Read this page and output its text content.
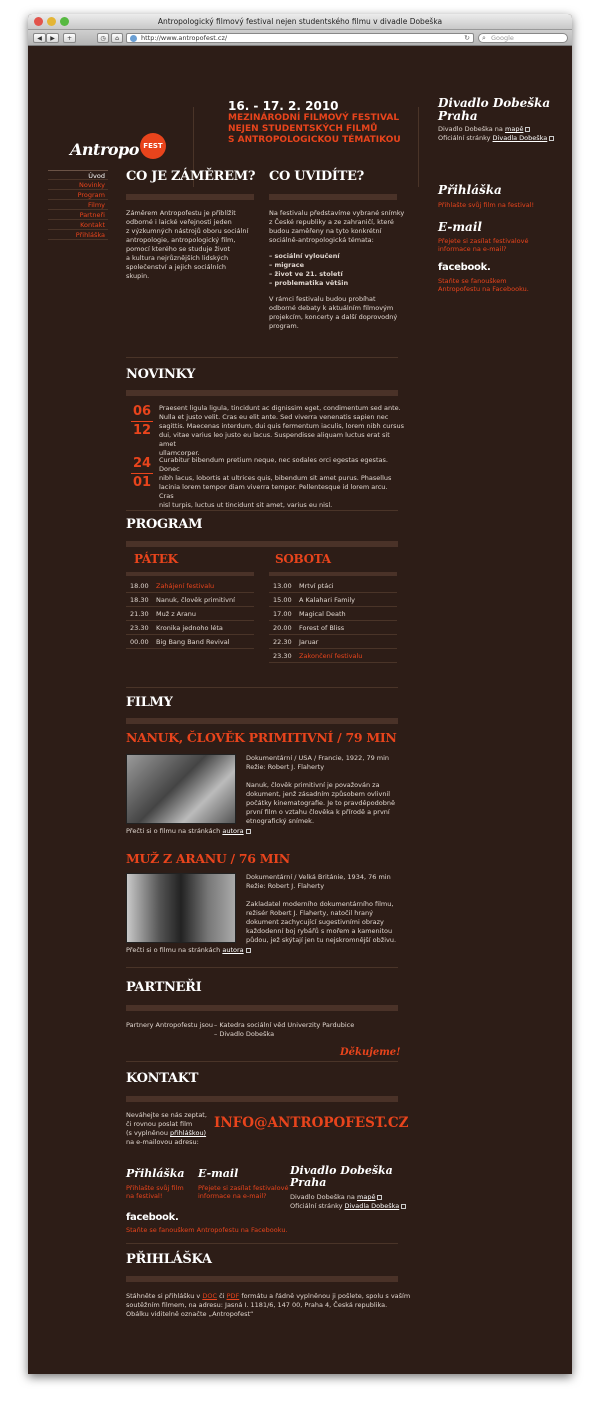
Antropologický filmový festival nejen studentského filmu v divadle Dobeška
◀	▶	+	◷	⌂	http://www.antropofest.cz/	↻ ⌕ Google
Antropo FEST
16. - 17. 2. 2010
MEZINÁRODNÍ FILMOVÝ FESTIVAL
NEJEN STUDENTSKÝCH FILMŮ
S ANTROPOLOGICKOU TÉMATIKOU
Divadlo Dobeška
Praha
Divadlo Dobeška na mapě
Oficiální stránky Divadla Dobeška
Úvod
Novinky
Program
Filmy
Partneři
Kontakt
Přihláška
CO JE ZÁMĚREM?
Záměrem Antropofestu je přiblížit
odborné i laické veřejnosti jeden
z výzkumných nástrojů oboru sociální
antropologie, antropologický film,
pomocí kterého se studuje život
a kultura nejrůznějších lidských
společenství a jejich sociálních
skupin.
CO UVIDÍTE?
Na festivalu představíme vybrané snímky
z České republiky a ze zahraničí, které
budou zaměřeny na tyto konkrétní
sociálně-antropologická témata:
– sociální vyloučení
– migrace
– život ve 21. století
– problematika většin
V rámci festivalu budou probíhat
odborné debaty k aktuálním filmovým
projekcím, koncerty a další doprovodný
program.
Přihláška
Přihlašte svůj film na festival!
E-mail
Přejete si zasílat festivalové
informace na e-mail?
facebook.
Staňte se fanouškem
Antropofestu na Facebooku.
NOVINKY
06
12
Praesent ligula ligula, tincidunt ac dignissim eget, condimentum sed ante.
Nulla et justo velit. Cras eu elit ante. Sed viverra venenatis sapien nec
sagittis. Maecenas interdum, dui quis fermentum iaculis, lorem nibh cursus
dui, vitae varius leo justo eu lacus. Suspendisse aliquam luctus erat sit amet
ullamcorper.
24
01
Curabitur bibendum pretium neque, nec sodales orci egestas egestas. Donec
nibh lacus, lobortis at ultrices quis, bibendum sit amet purus. Phasellus
lacinia lorem tempor diam viverra tempor. Pellentesque id lorem arcu. Cras
nisl turpis, luctus ut tincidunt sit amet, varius eu nisl.
PROGRAM
PÁTEK	SOBOTA
18.00 Zahájení festivalu
18.30 Nanuk, člověk primitivní
21.30 Muž z Aranu
23.30 Kronika jednoho léta
00.00 Big Bang Band Revival
13.00 Mrtví ptáci
15.00 A Kalahari Family
17.00 Magical Death
20.00 Forest of Bliss
22.30 Jaruar
23.30 Zakončení festivalu
FILMY
NANUK, ČLOVĚK PRIMITIVNÍ / 79 MIN
Dokumentární / USA / Francie, 1922, 79 min
Režie: Robert J. Flaherty
Nanuk, člověk primitivní je považován za
dokument, jenž zásadním způsobem ovlivnil
počátky kinematografie. Je to pravděpodobně
první film o vztahu člověka k přírodě a první
etnografický snímek.
Přečti si o filmu na stránkách autora
MUŽ Z ARANU / 76 MIN
Dokumentární / Velká Británie, 1934, 76 min
Režie: Robert J. Flaherty
Zakladatel moderního dokumentárního filmu,
režisér Robert J. Flaherty, natočil hraný
dokument zachycující sugestivními obrazy
každodenní boj rybářů s mořem a kamenitou
půdou, jež skýtají jen tu nejskromnější obživu.
Přečti si o filmu na stránkách autora
PARTNEŘI
Partnery Antropofestu jsou – Katedra sociální věd Univerzity Pardubice
– Divadlo Dobeška
Děkujeme!
KONTAKT
Neváhejte se nás zeptat,
či rovnou poslat film
(s vyplněnou přihláškou)
na e-mailovou adresu:
INFO@ANTROPOFEST.CZ
Přihláška
Přihlašte svůj film na festival!
E-mail
Přejete si zasílat festivalové
informace na e-mail?
Divadlo Dobeška
Praha
Divadlo Dobeška na mapě
Oficiální stránky Divadla Dobeška
facebook.
Staňte se fanouškem Antropofestu na Facebooku.
PŘIHLÁŠKA
Stáhněte si přihlášku v DOC či PDF formátu a řádně vyplněnou ji pošlete, spolu s vaším
soutěžním filmem, na adresu: Jasná I. 1181/6, 147 00, Praha 4, Česká republika.
Obálku viditelně označte „Antropofest“
